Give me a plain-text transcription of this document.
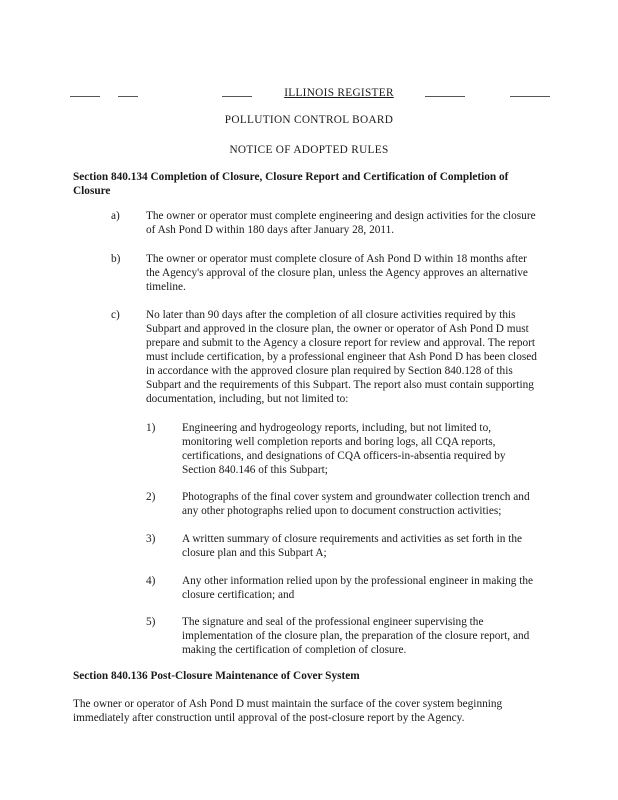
ILLINOIS REGISTER
POLLUTION CONTROL BOARD
NOTICE OF ADOPTED RULES
Section 840.134 Completion of Closure, Closure Report and Certification of Completion of Closure
a) The owner or operator must complete engineering and design activities for the closure of Ash Pond D within 180 days after January 28, 2011.
b) The owner or operator must complete closure of Ash Pond D within 18 months after the Agency's approval of the closure plan, unless the Agency approves an alternative timeline.
c) No later than 90 days after the completion of all closure activities required by this Subpart and approved in the closure plan, the owner or operator of Ash Pond D must prepare and submit to the Agency a closure report for review and approval. The report must include certification, by a professional engineer that Ash Pond D has been closed in accordance with the approved closure plan required by Section 840.128 of this Subpart and the requirements of this Subpart. The report also must contain supporting documentation, including, but not limited to:
1) Engineering and hydrogeology reports, including, but not limited to, monitoring well completion reports and boring logs, all CQA reports, certifications, and designations of CQA officers-in-absentia required by Section 840.146 of this Subpart;
2) Photographs of the final cover system and groundwater collection trench and any other photographs relied upon to document construction activities;
3) A written summary of closure requirements and activities as set forth in the closure plan and this Subpart A;
4) Any other information relied upon by the professional engineer in making the closure certification; and
5) The signature and seal of the professional engineer supervising the implementation of the closure plan, the preparation of the closure report, and making the certification of completion of closure.
Section 840.136 Post-Closure Maintenance of Cover System
The owner or operator of Ash Pond D must maintain the surface of the cover system beginning immediately after construction until approval of the post-closure report by the Agency.
